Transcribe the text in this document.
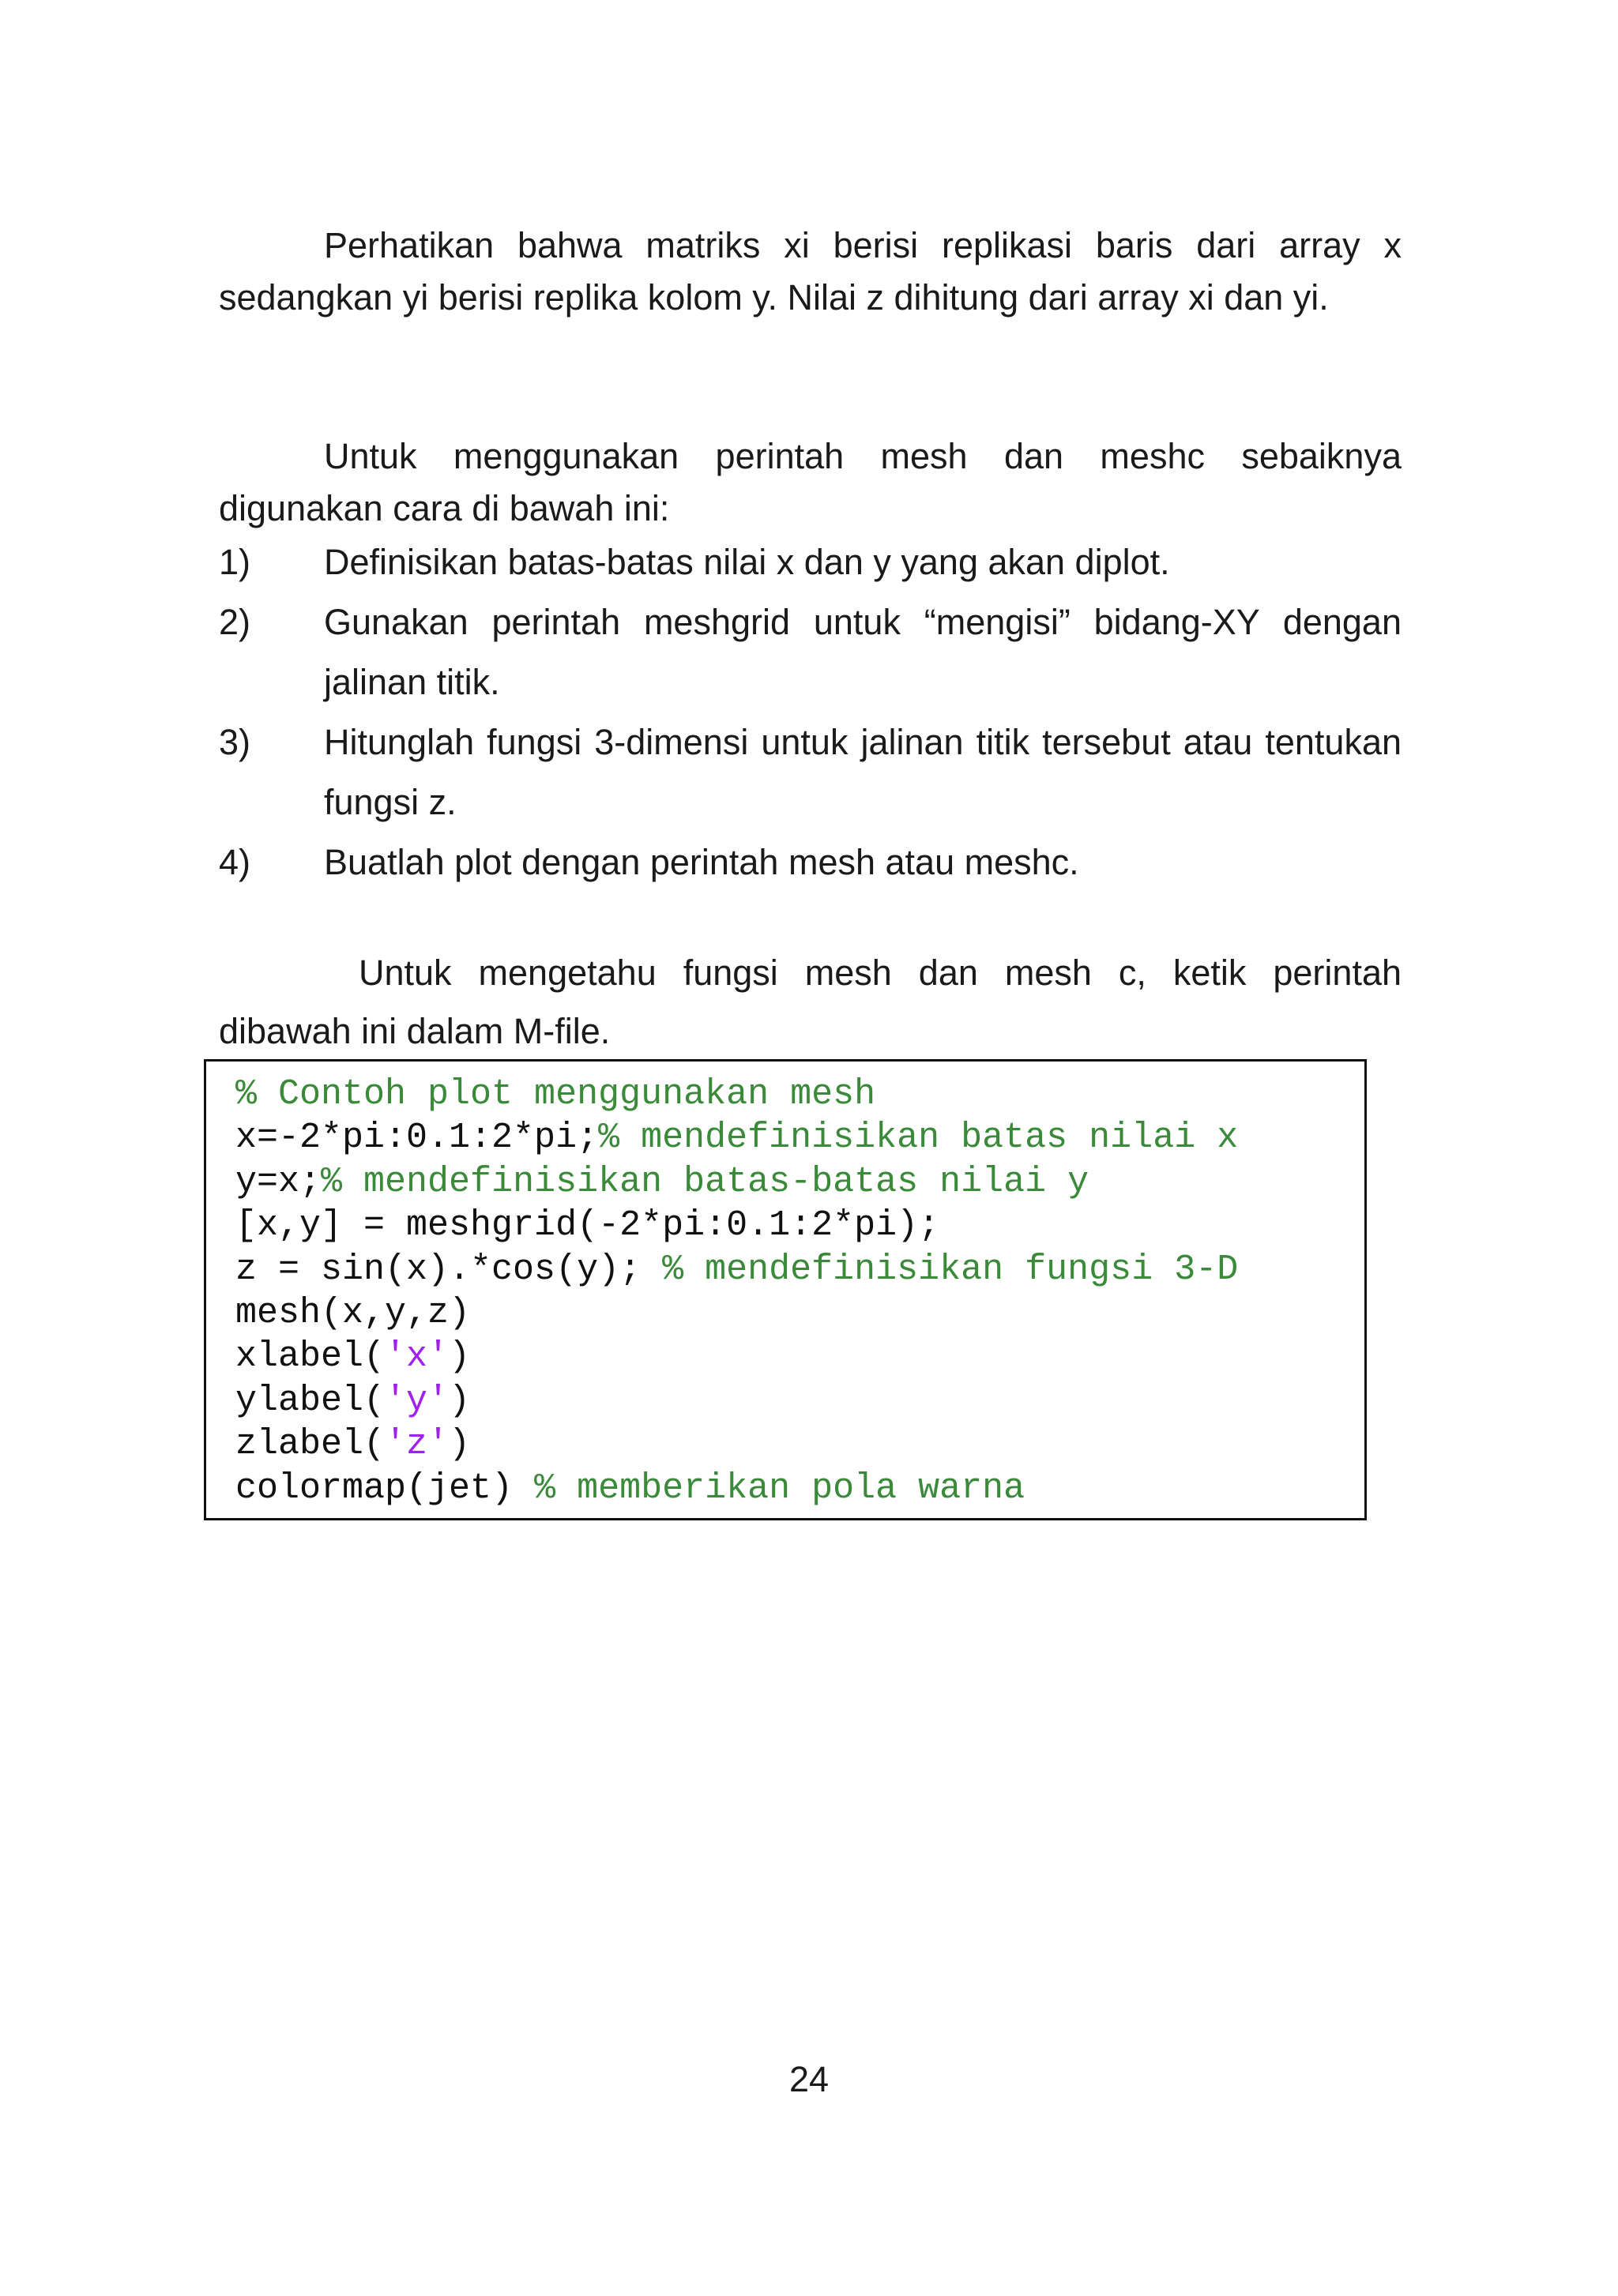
Perhatikan bahwa matriks xi berisi replikasi baris dari array x sedangkan yi berisi replika kolom y. Nilai z dihitung dari array xi dan yi.
Untuk menggunakan perintah mesh dan meshc sebaiknya digunakan cara di bawah ini:
1) Definisikan batas-batas nilai x dan y yang akan diplot.
2) Gunakan perintah meshgrid untuk “mengisi” bidang-XY dengan jalinan titik.
3) Hitunglah fungsi 3-dimensi untuk jalinan titik tersebut atau tentukan fungsi z.
4) Buatlah plot dengan perintah mesh atau meshc.
Untuk mengetahu fungsi mesh dan mesh c, ketik perintah dibawah ini dalam M-file.
% Contoh plot menggunakan mesh
x=-2*pi:0.1:2*pi;% mendefinisikan batas nilai x
y=x;% mendefinisikan batas-batas nilai y
[x,y] = meshgrid(-2*pi:0.1:2*pi);
z = sin(x).*cos(y); % mendefinisikan fungsi 3-D
mesh(x,y,z)
xlabel('x')
ylabel('y')
zlabel('z')
colormap(jet) % memberikan pola warna
24
